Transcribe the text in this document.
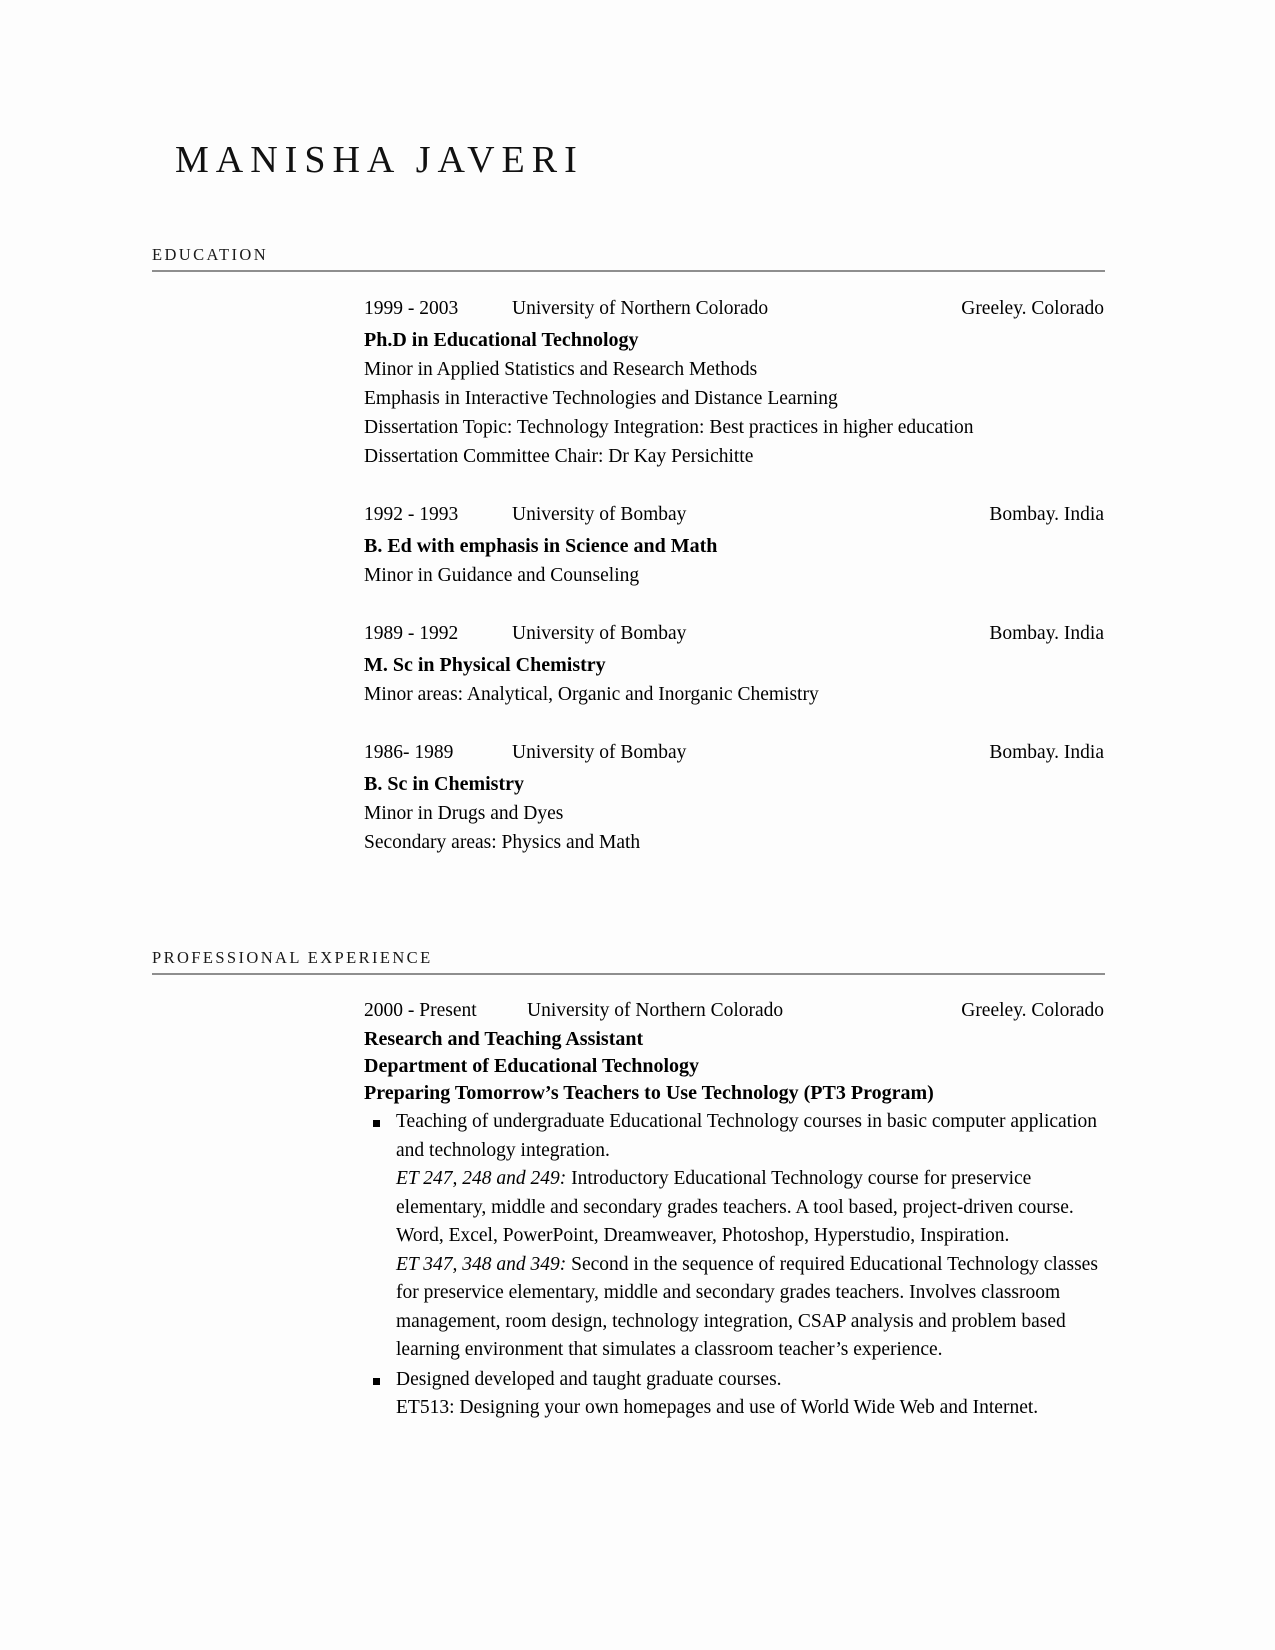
MANISHA JAVERI
EDUCATION
1999 - 2003	University of Northern Colorado	Greeley. Colorado
Ph.D in Educational Technology
Minor in Applied Statistics and Research Methods
Emphasis in Interactive Technologies and Distance Learning
Dissertation Topic: Technology Integration: Best practices in higher education
Dissertation Committee Chair: Dr Kay Persichitte
1992 - 1993	University of Bombay	Bombay. India
B. Ed with emphasis in Science and Math
Minor in Guidance and Counseling
1989 - 1992	University of Bombay	Bombay. India
M. Sc in Physical Chemistry
Minor areas: Analytical, Organic and Inorganic Chemistry
1986- 1989	University of Bombay	Bombay. India
B. Sc in Chemistry
Minor in Drugs and Dyes
Secondary areas: Physics and Math
PROFESSIONAL EXPERIENCE
2000 - Present	University of Northern Colorado	Greeley. Colorado
Research and Teaching Assistant
Department of Educational Technology
Preparing Tomorrow’s Teachers to Use Technology (PT3 Program)
Teaching of undergraduate Educational Technology courses in basic computer application and technology integration.
ET 247, 248 and 249: Introductory Educational Technology course for preservice elementary, middle and secondary grades teachers. A tool based, project-driven course. Word, Excel, PowerPoint, Dreamweaver, Photoshop, Hyperstudio, Inspiration.
ET 347, 348 and 349: Second in the sequence of required Educational Technology classes for preservice elementary, middle and secondary grades teachers. Involves classroom management, room design, technology integration, CSAP analysis and problem based learning environment that simulates a classroom teacher’s experience.
Designed developed and taught graduate courses.
ET513: Designing your own homepages and use of World Wide Web and Internet.
